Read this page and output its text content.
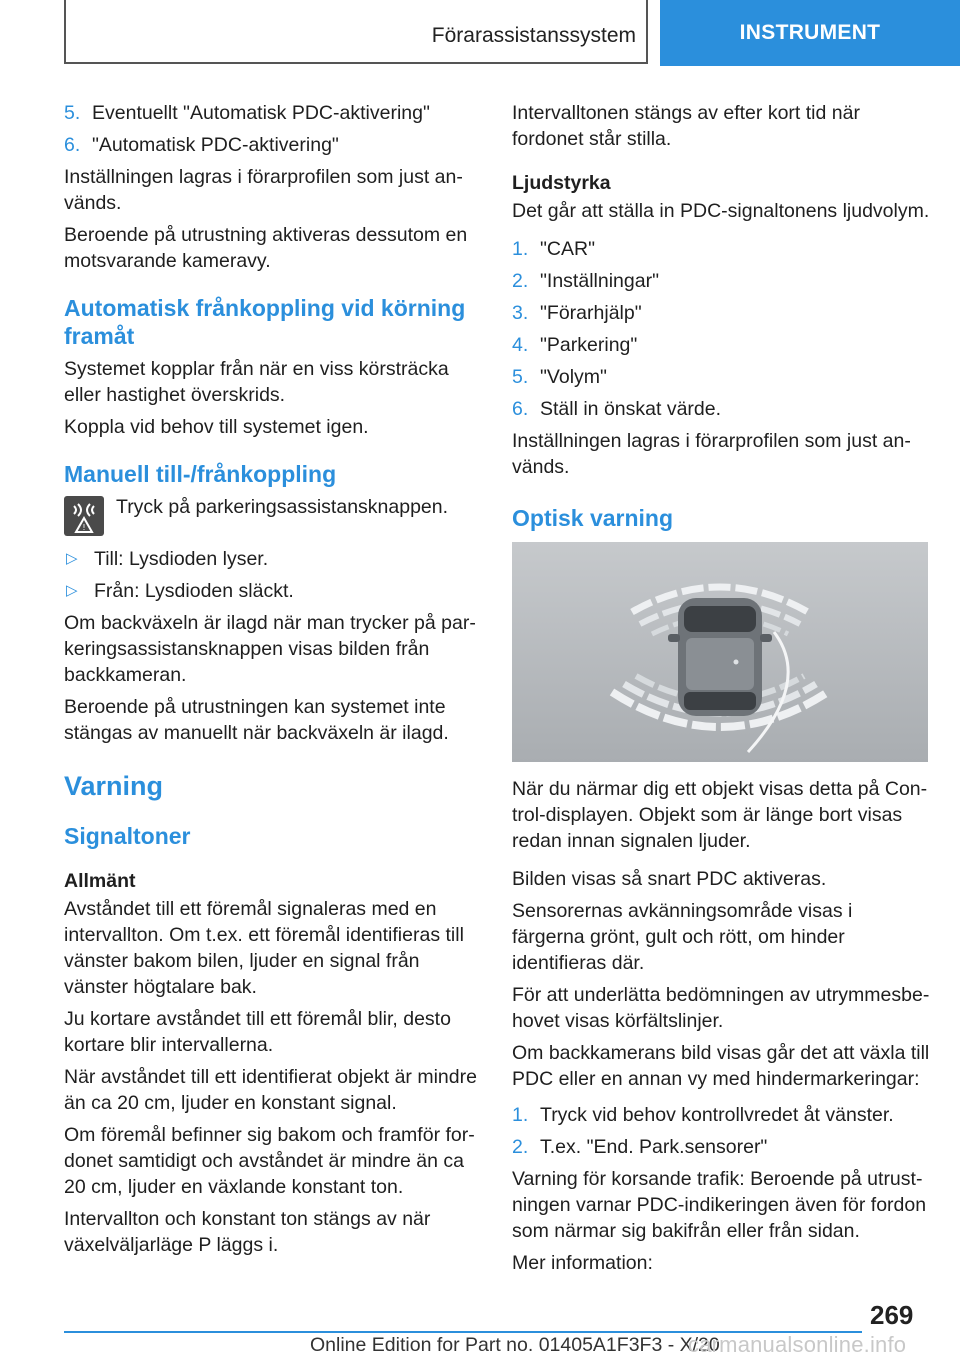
Förarassistanssystem	INSTRUMENT
5. Eventuellt "Automatisk PDC-aktivering"
6. "Automatisk PDC-aktivering"

Inställningen lagras i förarprofilen som just används.

Beroende på utrustning aktiveras dessutom en motsvarande kameravy.

Automatisk frånkoppling vid körning framåt

Systemet kopplar från när en viss körsträcka eller hastighet överskrids.

Koppla vid behov till systemet igen.

Manuell till-/frånkoppling
!
Tryck på parkeringsassistansknappen.
▷ Till: Lysdioden lyser.
▷ Från: Lysdioden släckt.

Om backväxeln är ilagd när man trycker på parkeringsassistansknappen visas bilden från backkameran.

Beroende på utrustningen kan systemet inte stängas av manuellt när backväxeln är ilagd.

Varning
Signaltoner
Allmänt

Avståndet till ett föremål signaleras med en intervallton. Om t.ex. ett föremål identifieras till vänster bakom bilen, ljuder en signal från vänster högtalare bak.

Ju kortare avståndet till ett föremål blir, desto kortare blir intervallerna.

När avståndet till ett identifierat objekt är mindre än ca 20 cm, ljuder en konstant signal.

Om föremål befinner sig bakom och framför fordonet samtidigt och avståndet är mindre än ca 20 cm, ljuder en växlande konstant ton.

Intervallton och konstant ton stängs av när växelväljarläge P läggs i.

Intervalltonen stängs av efter kort tid när fordonet står stilla.

Ljudstyrka

Det går att ställa in PDC-signaltonens ljudvolym.

1. "CAR"
2. "Inställningar"
3. "Förarhjälp"
4. "Parkering"
5. "Volym"
6. Ställ in önskat värde.

Inställningen lagras i förarprofilen som just används.

Optisk varning

När du närmar dig ett objekt visas detta på Control-displayen. Objekt som är länge bort visas redan innan signalen ljuder.

Bilden visas så snart PDC aktiveras.

Sensorernas avkänningsområde visas i färgerna grönt, gult och rött, om hinder identifieras där.

För att underlätta bedömningen av utrymmesbehovet visas körfältslinjer.

Om backkamerans bild visas går det att växla till PDC eller en annan vy med hindermarkeringar:

1. Tryck vid behov kontrollvredet åt vänster.
2. T.ex. "End. Park.sensorer"

Varning för korsande trafik: Beroende på utrustningen varnar PDC-indikeringen även för fordon som närmar sig bakifrån eller från sidan.

Mer information:

269
Online Edition for Part no. 01405A1F3F3 - X/20
carmanualsonline.info
